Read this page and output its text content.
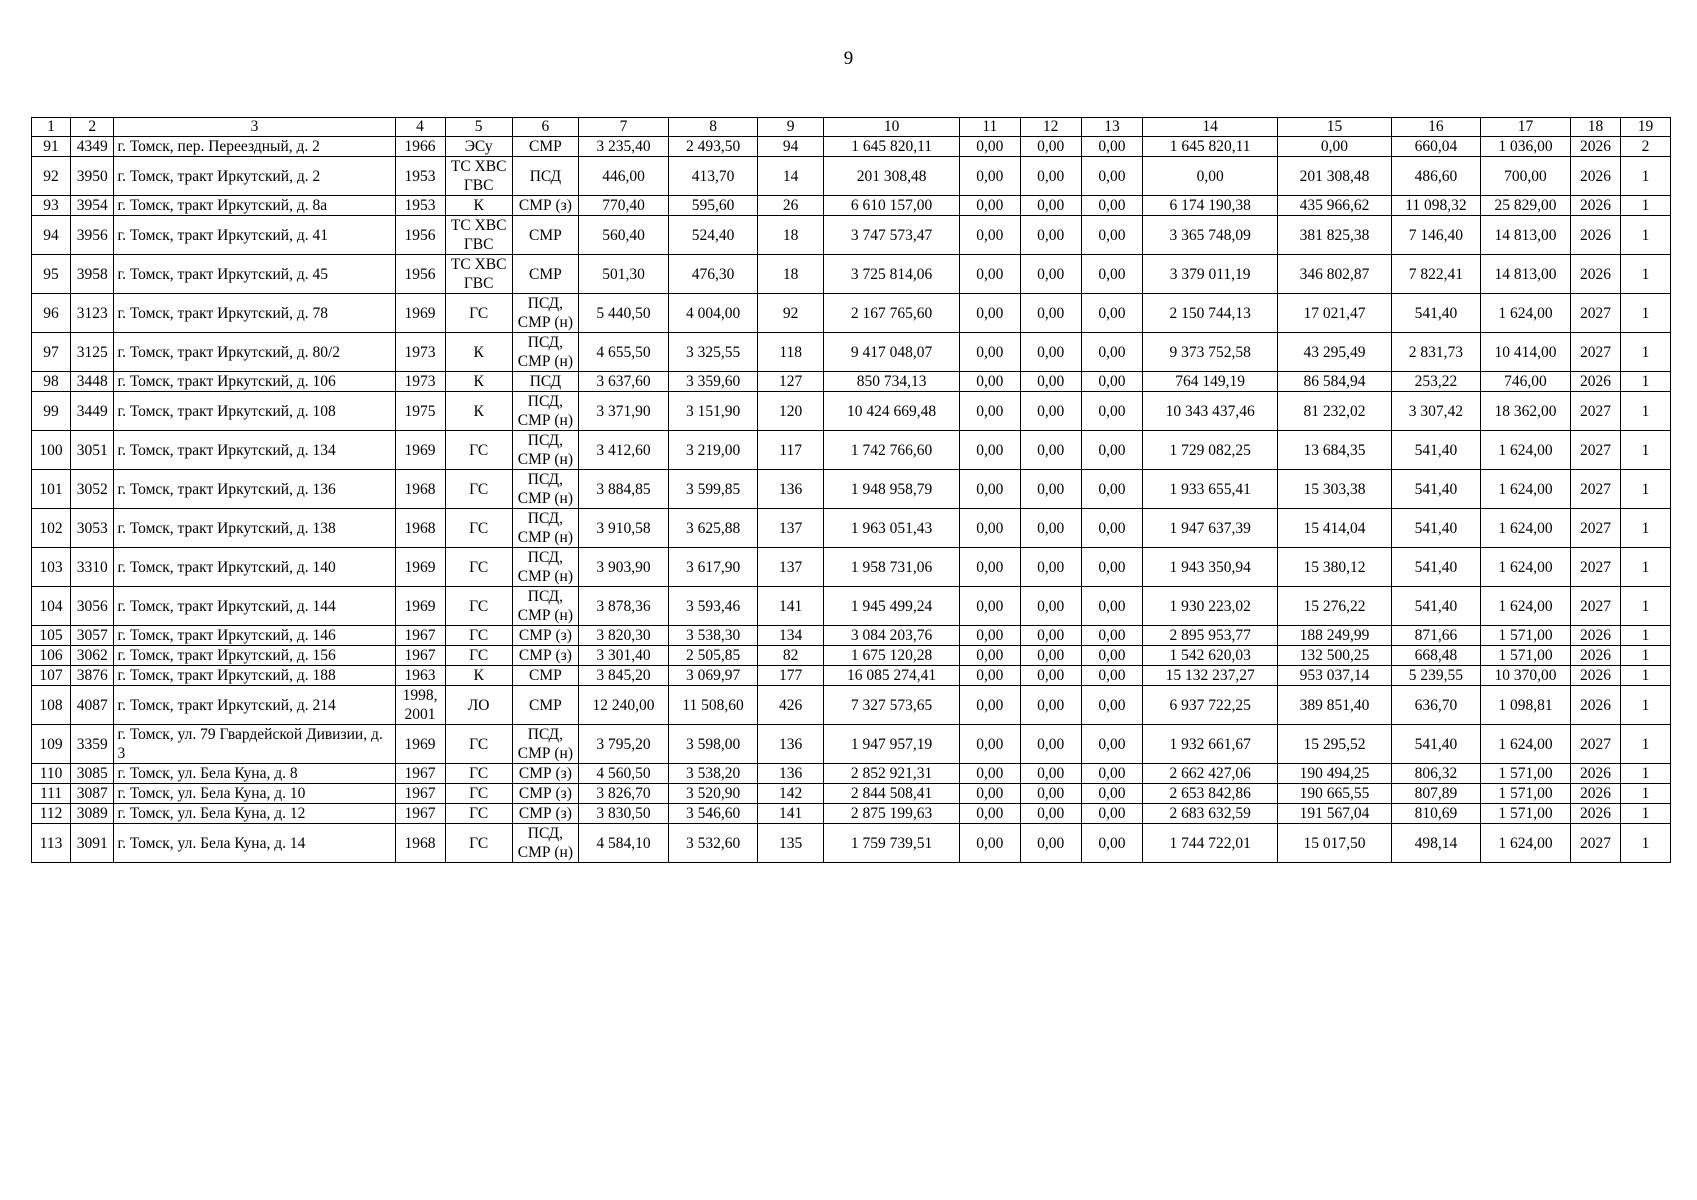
9
1	2	3	4	5	6	7	8	9	10	11	12	13	14	15	16	17	18	19
91	4349	г. Томск, пер. Переездный, д. 2	1966	ЭСу	СМР	3 235,40	2 493,50	94	1 645 820,11	0,00	0,00	0,00	1 645 820,11	0,00	660,04	1 036,00	2026	2
92	3950	г. Томск, тракт Иркутский, д. 2	1953	ТС ХВС ГВС	ПСД	446,00	413,70	14	201 308,48	0,00	0,00	0,00	0,00	201 308,48	486,60	700,00	2026	1
93	3954	г. Томск, тракт Иркутский, д. 8а	1953	К	СМР (з)	770,40	595,60	26	6 610 157,00	0,00	0,00	0,00	6 174 190,38	435 966,62	11 098,32	25 829,00	2026	1
94	3956	г. Томск, тракт Иркутский, д. 41	1956	ТС ХВС ГВС	СМР	560,40	524,40	18	3 747 573,47	0,00	0,00	0,00	3 365 748,09	381 825,38	7 146,40	14 813,00	2026	1
95	3958	г. Томск, тракт Иркутский, д. 45	1956	ТС ХВС ГВС	СМР	501,30	476,30	18	3 725 814,06	0,00	0,00	0,00	3 379 011,19	346 802,87	7 822,41	14 813,00	2026	1
96	3123	г. Томск, тракт Иркутский, д. 78	1969	ГС	ПСД, СМР (н)	5 440,50	4 004,00	92	2 167 765,60	0,00	0,00	0,00	2 150 744,13	17 021,47	541,40	1 624,00	2027	1
97	3125	г. Томск, тракт Иркутский, д. 80/2	1973	К	ПСД, СМР (н)	4 655,50	3 325,55	118	9 417 048,07	0,00	0,00	0,00	9 373 752,58	43 295,49	2 831,73	10 414,00	2027	1
98	3448	г. Томск, тракт Иркутский, д. 106	1973	К	ПСД	3 637,60	3 359,60	127	850 734,13	0,00	0,00	0,00	764 149,19	86 584,94	253,22	746,00	2026	1
99	3449	г. Томск, тракт Иркутский, д. 108	1975	К	ПСД, СМР (н)	3 371,90	3 151,90	120	10 424 669,48	0,00	0,00	0,00	10 343 437,46	81 232,02	3 307,42	18 362,00	2027	1
100	3051	г. Томск, тракт Иркутский, д. 134	1969	ГС	ПСД, СМР (н)	3 412,60	3 219,00	117	1 742 766,60	0,00	0,00	0,00	1 729 082,25	13 684,35	541,40	1 624,00	2027	1
101	3052	г. Томск, тракт Иркутский, д. 136	1968	ГС	ПСД, СМР (н)	3 884,85	3 599,85	136	1 948 958,79	0,00	0,00	0,00	1 933 655,41	15 303,38	541,40	1 624,00	2027	1
102	3053	г. Томск, тракт Иркутский, д. 138	1968	ГС	ПСД, СМР (н)	3 910,58	3 625,88	137	1 963 051,43	0,00	0,00	0,00	1 947 637,39	15 414,04	541,40	1 624,00	2027	1
103	3310	г. Томск, тракт Иркутский, д. 140	1969	ГС	ПСД, СМР (н)	3 903,90	3 617,90	137	1 958 731,06	0,00	0,00	0,00	1 943 350,94	15 380,12	541,40	1 624,00	2027	1
104	3056	г. Томск, тракт Иркутский, д. 144	1969	ГС	ПСД, СМР (н)	3 878,36	3 593,46	141	1 945 499,24	0,00	0,00	0,00	1 930 223,02	15 276,22	541,40	1 624,00	2027	1
105	3057	г. Томск, тракт Иркутский, д. 146	1967	ГС	СМР (з)	3 820,30	3 538,30	134	3 084 203,76	0,00	0,00	0,00	2 895 953,77	188 249,99	871,66	1 571,00	2026	1
106	3062	г. Томск, тракт Иркутский, д. 156	1967	ГС	СМР (з)	3 301,40	2 505,85	82	1 675 120,28	0,00	0,00	0,00	1 542 620,03	132 500,25	668,48	1 571,00	2026	1
107	3876	г. Томск, тракт Иркутский, д. 188	1963	К	СМР	3 845,20	3 069,97	177	16 085 274,41	0,00	0,00	0,00	15 132 237,27	953 037,14	5 239,55	10 370,00	2026	1
108	4087	г. Томск, тракт Иркутский, д. 214	1998, 2001	ЛО	СМР	12 240,00	11 508,60	426	7 327 573,65	0,00	0,00	0,00	6 937 722,25	389 851,40	636,70	1 098,81	2026	1
109	3359	г. Томск, ул. 79 Гвардейской Дивизии, д. 3	1969	ГС	ПСД, СМР (н)	3 795,20	3 598,00	136	1 947 957,19	0,00	0,00	0,00	1 932 661,67	15 295,52	541,40	1 624,00	2027	1
110	3085	г. Томск, ул. Бела Куна, д. 8	1967	ГС	СМР (з)	4 560,50	3 538,20	136	2 852 921,31	0,00	0,00	0,00	2 662 427,06	190 494,25	806,32	1 571,00	2026	1
111	3087	г. Томск, ул. Бела Куна, д. 10	1967	ГС	СМР (з)	3 826,70	3 520,90	142	2 844 508,41	0,00	0,00	0,00	2 653 842,86	190 665,55	807,89	1 571,00	2026	1
112	3089	г. Томск, ул. Бела Куна, д. 12	1967	ГС	СМР (з)	3 830,50	3 546,60	141	2 875 199,63	0,00	0,00	0,00	2 683 632,59	191 567,04	810,69	1 571,00	2026	1
113	3091	г. Томск, ул. Бела Куна, д. 14	1968	ГС	ПСД, СМР (н)	4 584,10	3 532,60	135	1 759 739,51	0,00	0,00	0,00	1 744 722,01	15 017,50	498,14	1 624,00	2027	1
